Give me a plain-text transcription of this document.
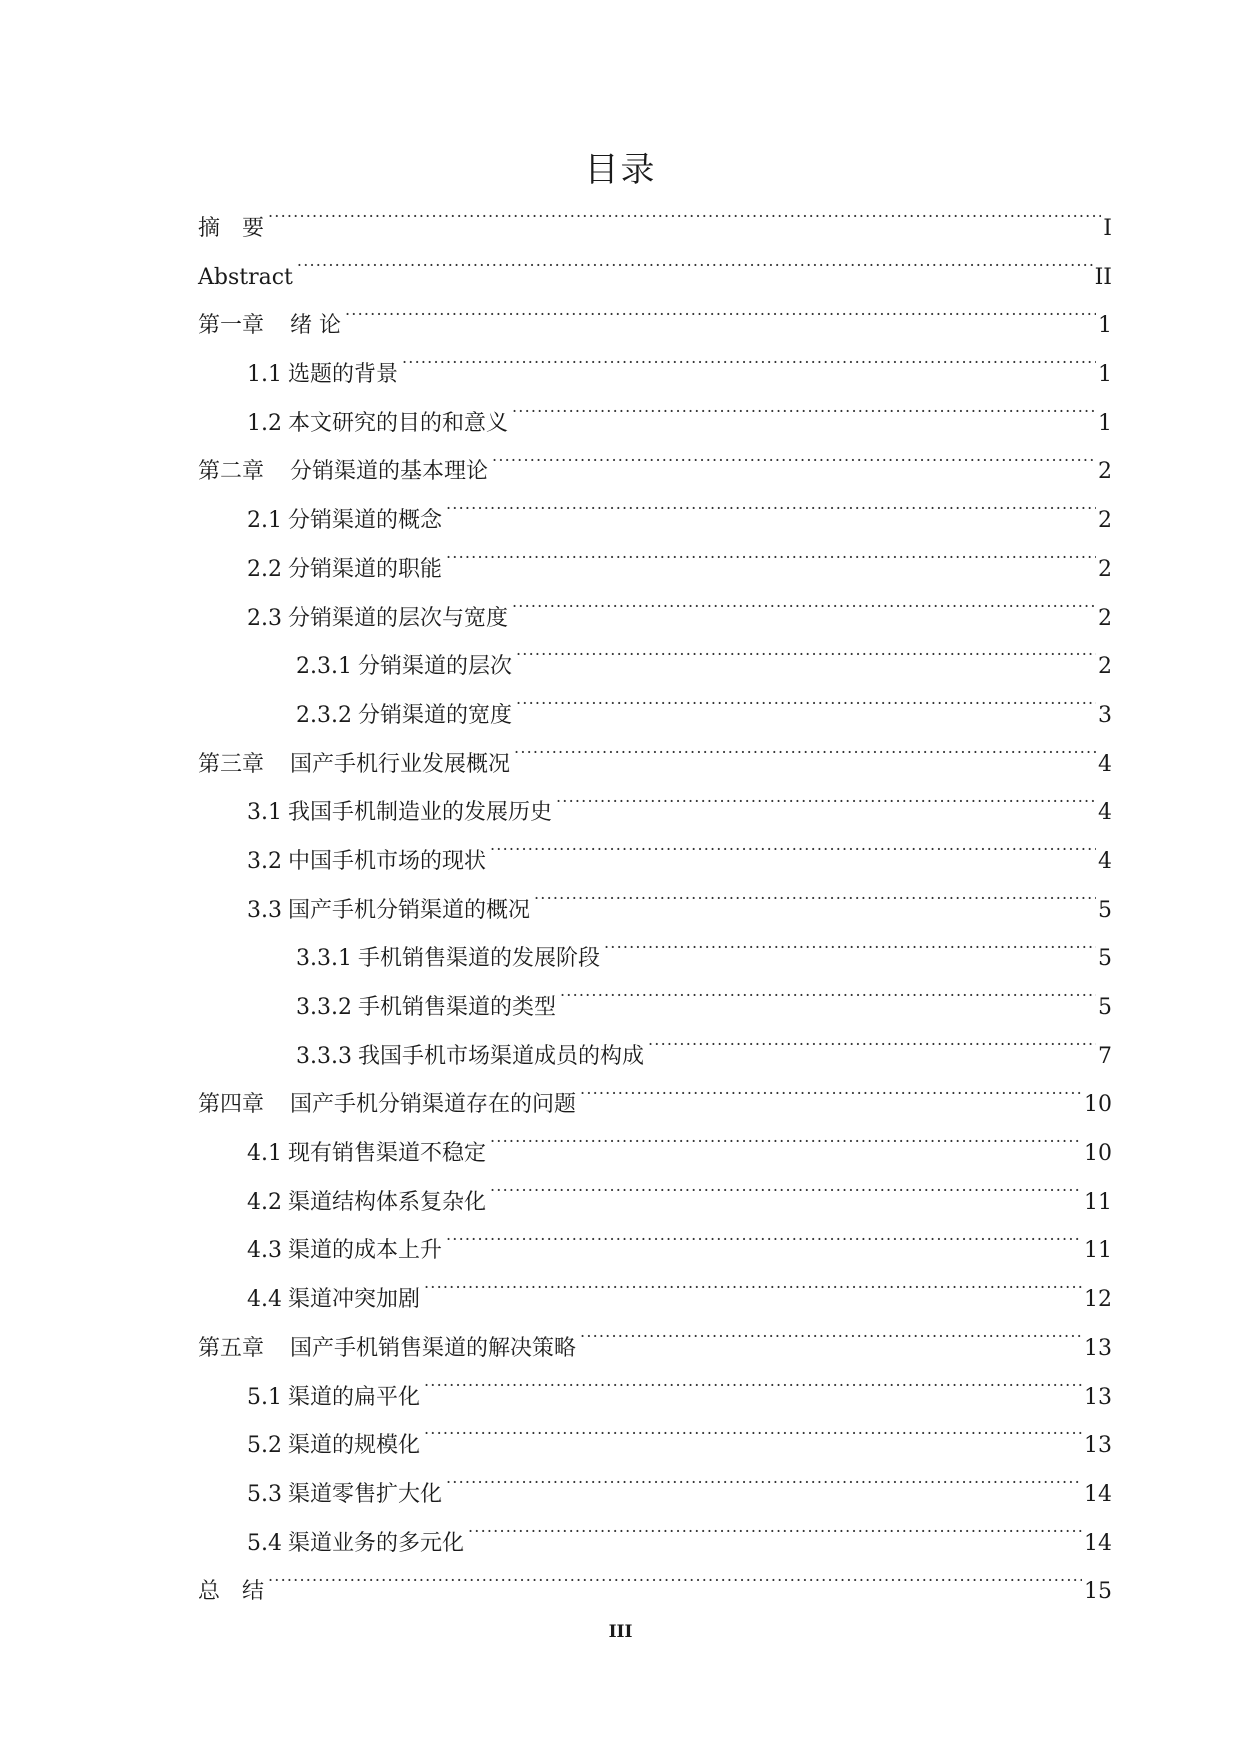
目录
摘　要 .....	I
Abstract .....	II
第一章 绪 论 .....	1
1.1 选题的背景 .....	1
1.2 本文研究的目的和意义 .....	1
第二章 分销渠道的基本理论 .....	2
2.1 分销渠道的概念 .....	2
2.2 分销渠道的职能 .....	2
2.3 分销渠道的层次与宽度 .....	2
2.3.1 分销渠道的层次 .....	2
2.3.2 分销渠道的宽度 .....	3
第三章 国产手机行业发展概况 .....	4
3.1 我国手机制造业的发展历史 .....	4
3.2 中国手机市场的现状 .....	4
3.3 国产手机分销渠道的概况 .....	5
3.3.1 手机销售渠道的发展阶段 .....	5
3.3.2 手机销售渠道的类型 .....	5
3.3.3 我国手机市场渠道成员的构成 .....	7
第四章 国产手机分销渠道存在的问题 .....	10
4.1 现有销售渠道不稳定 .....	10
4.2 渠道结构体系复杂化 .....	11
4.3 渠道的成本上升 .....	11
4.4 渠道冲突加剧 .....	12
第五章 国产手机销售渠道的解决策略 .....	13
5.1 渠道的扁平化 .....	13
5.2 渠道的规模化 .....	13
5.3 渠道零售扩大化 .....	14
5.4 渠道业务的多元化 .....	14
总　结 .....	15
III
